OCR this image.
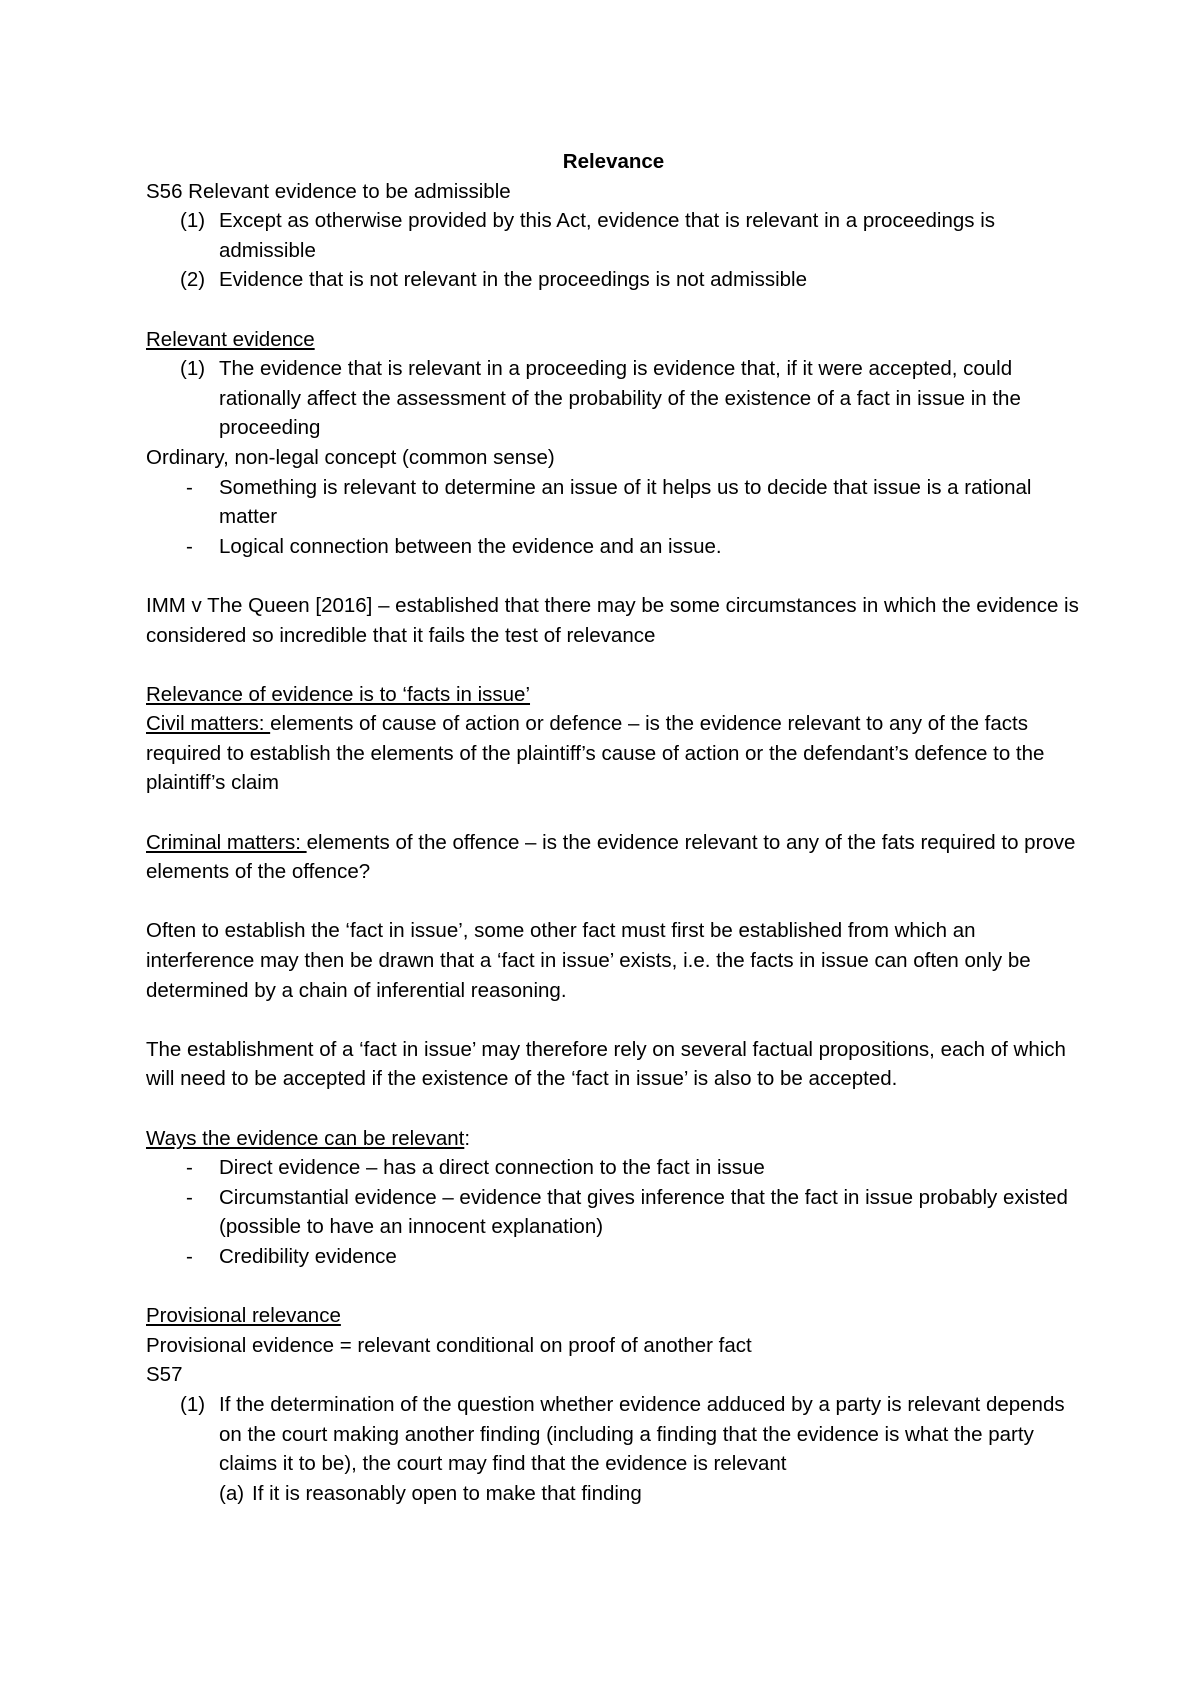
Relevance

S56 Relevant evidence to be admissible

(1) Except as otherwise provided by this Act, evidence that is relevant in a proceedings is admissible
(2) Evidence that is not relevant in the proceedings is not admissible

Relevant evidence

(1) The evidence that is relevant in a proceeding is evidence that, if it were accepted, could rationally affect the assessment of the probability of the existence of a fact in issue in the proceeding

Ordinary, non-legal concept (common sense)

- Something is relevant to determine an issue of it helps us to decide that issue is a rational matter
- Logical connection between the evidence and an issue.

IMM v The Queen [2016] – established that there may be some circumstances in which the evidence is considered so incredible that it fails the test of relevance

Relevance of evidence is to ‘facts in issue’

Civil matters: elements of cause of action or defence – is the evidence relevant to any of the facts required to establish the elements of the plaintiff’s cause of action or the defendant’s defence to the plaintiff’s claim

Criminal matters: elements of the offence – is the evidence relevant to any of the fats required to prove elements of the offence?

Often to establish the ‘fact in issue’, some other fact must first be established from which an interference may then be drawn that a ‘fact in issue’ exists, i.e. the facts in issue can often only be determined by a chain of inferential reasoning.

The establishment of a ‘fact in issue’ may therefore rely on several factual propositions, each of which will need to be accepted if the existence of the ‘fact in issue’ is also to be accepted.

Ways the evidence can be relevant:

- Direct evidence – has a direct connection to the fact in issue
- Circumstantial evidence – evidence that gives inference that the fact in issue probably existed (possible to have an innocent explanation)
- Credibility evidence

Provisional relevance

Provisional evidence = relevant conditional on proof of another fact

S57

(1) If the determination of the question whether evidence adduced by a party is relevant depends on the court making another finding (including a finding that the evidence is what the party claims it to be), the court may find that the evidence is relevant
(a) If it is reasonably open to make that finding
